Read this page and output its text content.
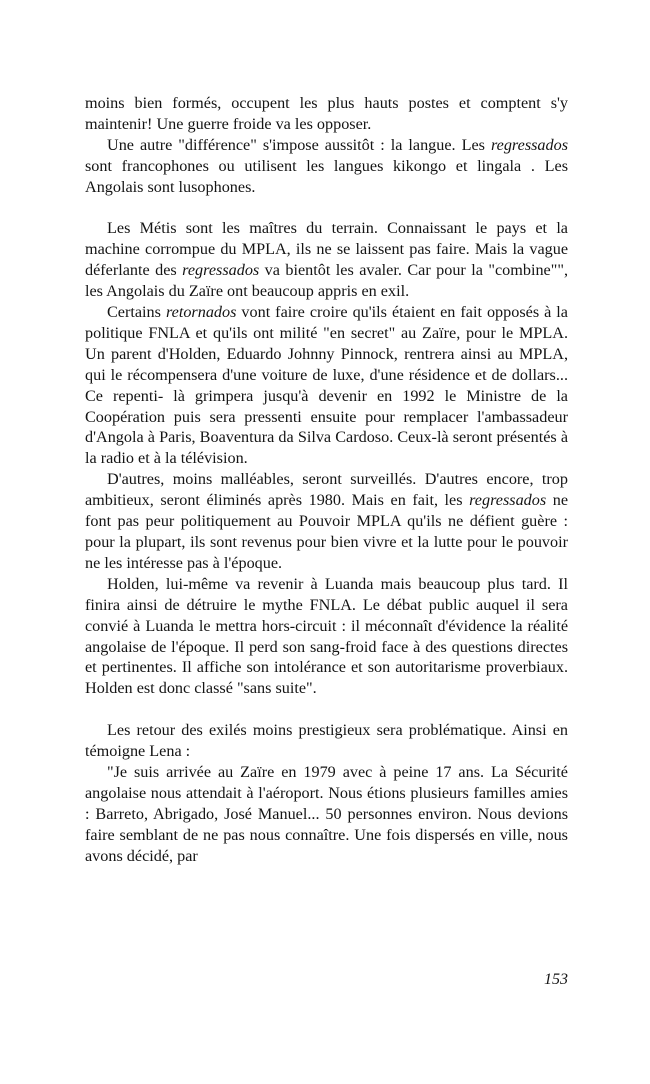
moins bien formés, occupent les plus hauts postes et comptent s'y maintenir! Une guerre froide va les opposer.

Une autre "différence" s'impose aussitôt : la langue. Les regressados sont francophones ou utilisent les langues kikongo et lingala . Les Angolais sont lusophones.

Les Métis sont les maîtres du terrain. Connaissant le pays et la machine corrompue du MPLA, ils ne se laissent pas faire. Mais la vague déferlante des regressados va bientôt les avaler. Car pour la "combine"", les Angolais du Zaïre ont beaucoup appris en exil.

Certains retornados vont faire croire qu'ils étaient en fait opposés à la politique FNLA et qu'ils ont milité "en secret" au Zaïre, pour le MPLA. Un parent d'Holden, Eduardo Johnny Pinnock, rentrera ainsi au MPLA, qui le récompensera d'une voiture de luxe, d'une résidence et de dollars... Ce repenti- là grimpera jusqu'à devenir en 1992 le Ministre de la Coopération puis sera pressenti ensuite pour remplacer l'ambassadeur d'Angola à Paris, Boaventura da Silva Cardoso. Ceux-là seront présentés à la radio et à la télévision.

D'autres, moins malléables, seront surveillés. D'autres encore, trop ambitieux, seront éliminés après 1980. Mais en fait, les regressados ne font pas peur politiquement au Pouvoir MPLA qu'ils ne défient guère : pour la plupart, ils sont revenus pour bien vivre et la lutte pour le pouvoir ne les intéresse pas à l'époque.

Holden, lui-même va revenir à Luanda mais beaucoup plus tard. Il finira ainsi de détruire le mythe FNLA. Le débat public auquel il sera convié à Luanda le mettra hors-circuit : il méconnaît d'évidence la réalité angolaise de l'époque. Il perd son sang-froid face à des questions directes et pertinentes. Il affiche son intolérance et son autoritarisme proverbiaux. Holden est donc classé "sans suite".

Les retour des exilés moins prestigieux sera problématique. Ainsi en témoigne Lena :

"Je suis arrivée au Zaïre en 1979 avec à peine 17 ans. La Sécurité angolaise nous attendait à l'aéroport. Nous étions plusieurs familles amies : Barreto, Abrigado, José Manuel... 50 personnes environ. Nous devions faire semblant de ne pas nous connaître. Une fois dispersés en ville, nous avons décidé, par

153
